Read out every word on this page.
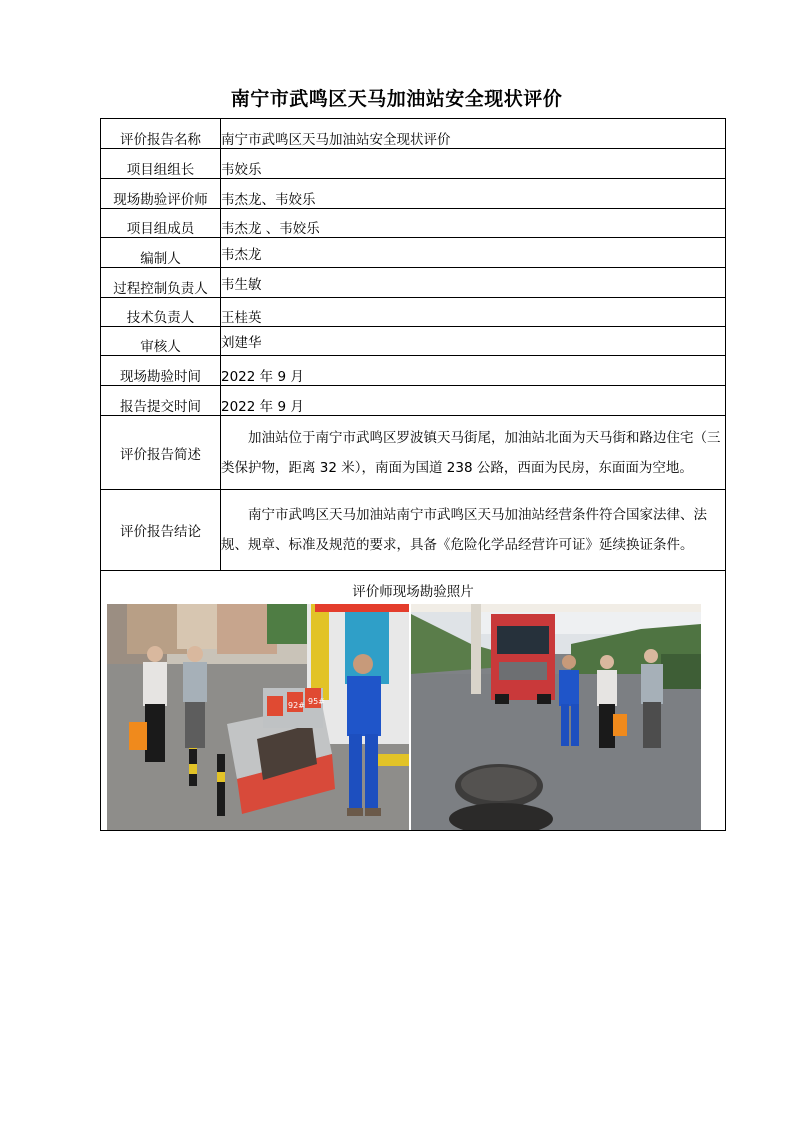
南宁市武鸣区天马加油站安全现状评价
评价报告名称	南宁市武鸣区天马加油站安全现状评价
项目组组长	韦姣乐
现场勘验评价师	韦杰龙、韦姣乐
项目组成员	韦杰龙 、韦姣乐
编制人	韦杰龙
过程控制负责人	韦生敏
技术负责人	王桂英
审核人	刘建华
现场勘验时间	2022 年 9 月
报告提交时间	2022 年 9 月
评价报告简述	加油站位于南宁市武鸣区罗波镇天马街尾，加油站北面为天马街和路边住宅（三类保护物，距离 32 米），南面为国道 238 公路，西面为民房，东面面为空地。
评价报告结论	南宁市武鸣区天马加油站南宁市武鸣区天马加油站经营条件符合国家法律、法规、规章、标准及规范的要求，具备《危险化学品经营许可证》延续换证条件。

评价师现场勘验照片
95#
92#	
